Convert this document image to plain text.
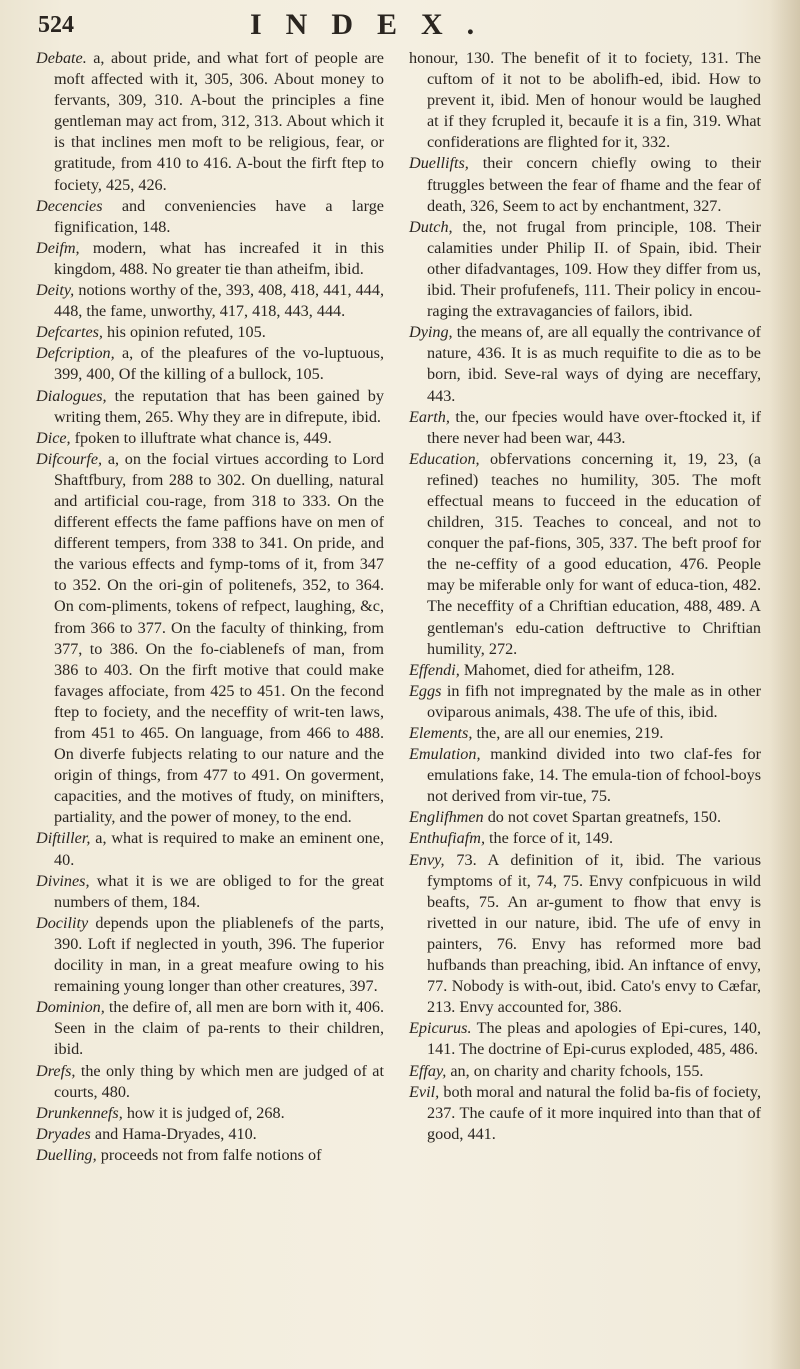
524	INDEX.

Debate. a, about pride, and what fort of people are moft affected with it, 305, 306. About money to fervants, 309, 310. A-bout the principles a fine gentleman may act from, 312, 313. About which it is that inclines men moft to be religious, fear, or gratitude, from 410 to 416. A-bout the firft ftep to fociety, 425, 426.

Decencies and conveniencies have a large fignification, 148.

Deifm, modern, what has increafed it in this kingdom, 488. No greater tie than atheifm, ibid.

Deity, notions worthy of the, 393, 408, 418, 441, 444, 448, the fame, unworthy, 417, 418, 443, 444.

Defcartes, his opinion refuted, 105.

Defcription, a, of the pleafures of the vo-luptuous, 399, 400, Of the killing of a bullock, 105.

Dialogues, the reputation that has been gained by writing them, 265. Why they are in difrepute, ibid.

Dice, fpoken to illuftrate what chance is, 449.

Difcourfe, a, on the focial virtues according to Lord Shaftfbury, from 288 to 302. On duelling, natural and artificial cou-rage, from 318 to 333. On the different effects the fame paffions have on men of different tempers, from 338 to 341. On pride, and the various effects and fymp-toms of it, from 347 to 352. On the ori-gin of politenefs, 352, to 364. On com-pliments, tokens of refpect, laughing, &c, from 366 to 377. On the faculty of thinking, from 377, to 386. On the fo-ciablenefs of man, from 386 to 403. On the firft motive that could make favages affociate, from 425 to 451. On the fecond ftep to fociety, and the neceffity of writ-ten laws, from 451 to 465. On language, from 466 to 488. On diverfe fubjects relating to our nature and the origin of things, from 477 to 491. On goverment, capacities, and the motives of ftudy, on minifters, partiality, and the power of money, to the end.

Diftiller, a, what is required to make an eminent one, 40.

Divines, what it is we are obliged to for the great numbers of them, 184.

Docility depends upon the pliablenefs of the parts, 390. Loft if neglected in youth, 396. The fuperior docility in man, in a great meafure owing to his remaining young longer than other creatures, 397.

Dominion, the defire of, all men are born with it, 406. Seen in the claim of pa-rents to their children, ibid.

Drefs, the only thing by which men are judged of at courts, 480.

Drunkennefs, how it is judged of, 268.

Dryades and Hama-Dryades, 410.

Duelling, proceeds not from falfe notions of

honour, 130. The benefit of it to fociety, 131. The cuftom of it not to be abolifh-ed, ibid. How to prevent it, ibid. Men of honour would be laughed at if they fcrupled it, becaufe it is a fin, 319. What confiderations are flighted for it, 332.

Duellifts, their concern chiefly owing to their ftruggles between the fear of fhame and the fear of death, 326, Seem to act by enchantment, 327.

Dutch, the, not frugal from principle, 108. Their calamities under Philip II. of Spain, ibid. Their other difadvantages, 109. How they differ from us, ibid. Their profufenefs, 111. Their policy in encou-raging the extravagancies of failors, ibid.

Dying, the means of, are all equally the contrivance of nature, 436. It is as much requifite to die as to be born, ibid. Seve-ral ways of dying are neceffary, 443.

Earth, the, our fpecies would have over-ftocked it, if there never had been war, 443.

Education, obfervations concerning it, 19, 23, (a refined) teaches no humility, 305. The moft effectual means to fucceed in the education of children, 315. Teaches to conceal, and not to conquer the paf-fions, 305, 337. The beft proof for the ne-ceffity of a good education, 476. People may be miferable only for want of educa-tion, 482. The neceffity of a Chriftian education, 488, 489. A gentleman's edu-cation deftructive to Chriftian humility, 272.

Effendi, Mahomet, died for atheifm, 128.

Eggs in fifh not impregnated by the male as in other oviparous animals, 438. The ufe of this, ibid.

Elements, the, are all our enemies, 219.

Emulation, mankind divided into two claf-fes for emulations fake, 14. The emula-tion of fchool-boys not derived from vir-tue, 75.

Englifhmen do not covet Spartan greatnefs, 150.

Enthufiafm, the force of it, 149.

Envy, 73. A definition of it, ibid. The various fymptoms of it, 74, 75. Envy confpicuous in wild beafts, 75. An ar-gument to fhow that envy is rivetted in our nature, ibid. The ufe of envy in painters, 76. Envy has reformed more bad hufbands than preaching, ibid. An inftance of envy, 77. Nobody is with-out, ibid. Cato's envy to Cæfar, 213. Envy accounted for, 386.

Epicurus. The pleas and apologies of Epi-cures, 140, 141. The doctrine of Epi-curus exploded, 485, 486.

Effay, an, on charity and charity fchools, 155.

Evil, both moral and natural the folid ba-fis of fociety, 237. The caufe of it more inquired into than that of good, 441.
